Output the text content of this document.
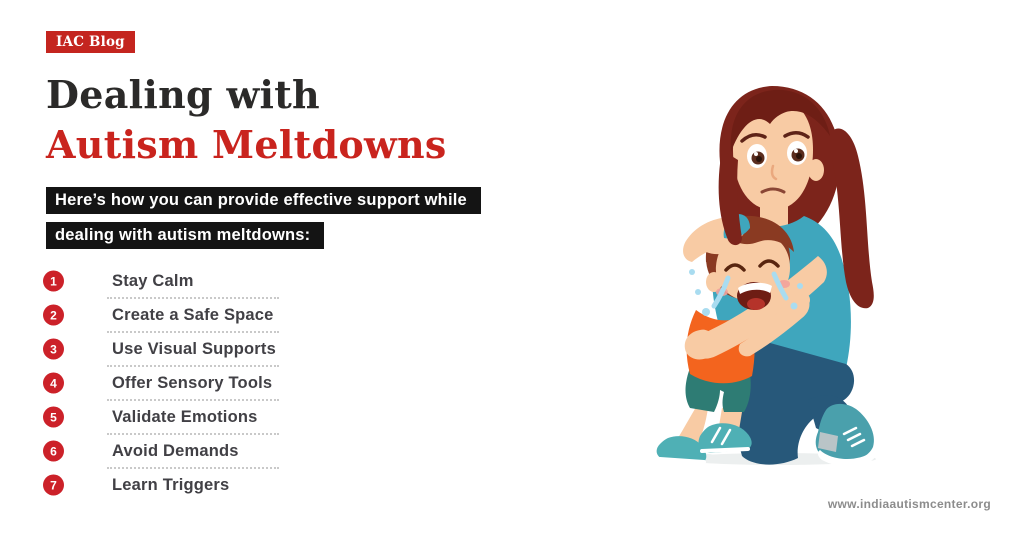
IAC Blog
Dealing with
Autism Meltdowns
Here’s how you can provide effective support while
dealing with autism meltdowns:
1	Stay Calm
2	Create a Safe Space
3	Use Visual Supports
4	Offer Sensory Tools
5	Validate Emotions
6	Avoid Demands
7	Learn Triggers
www.indiaautismcenter.org
